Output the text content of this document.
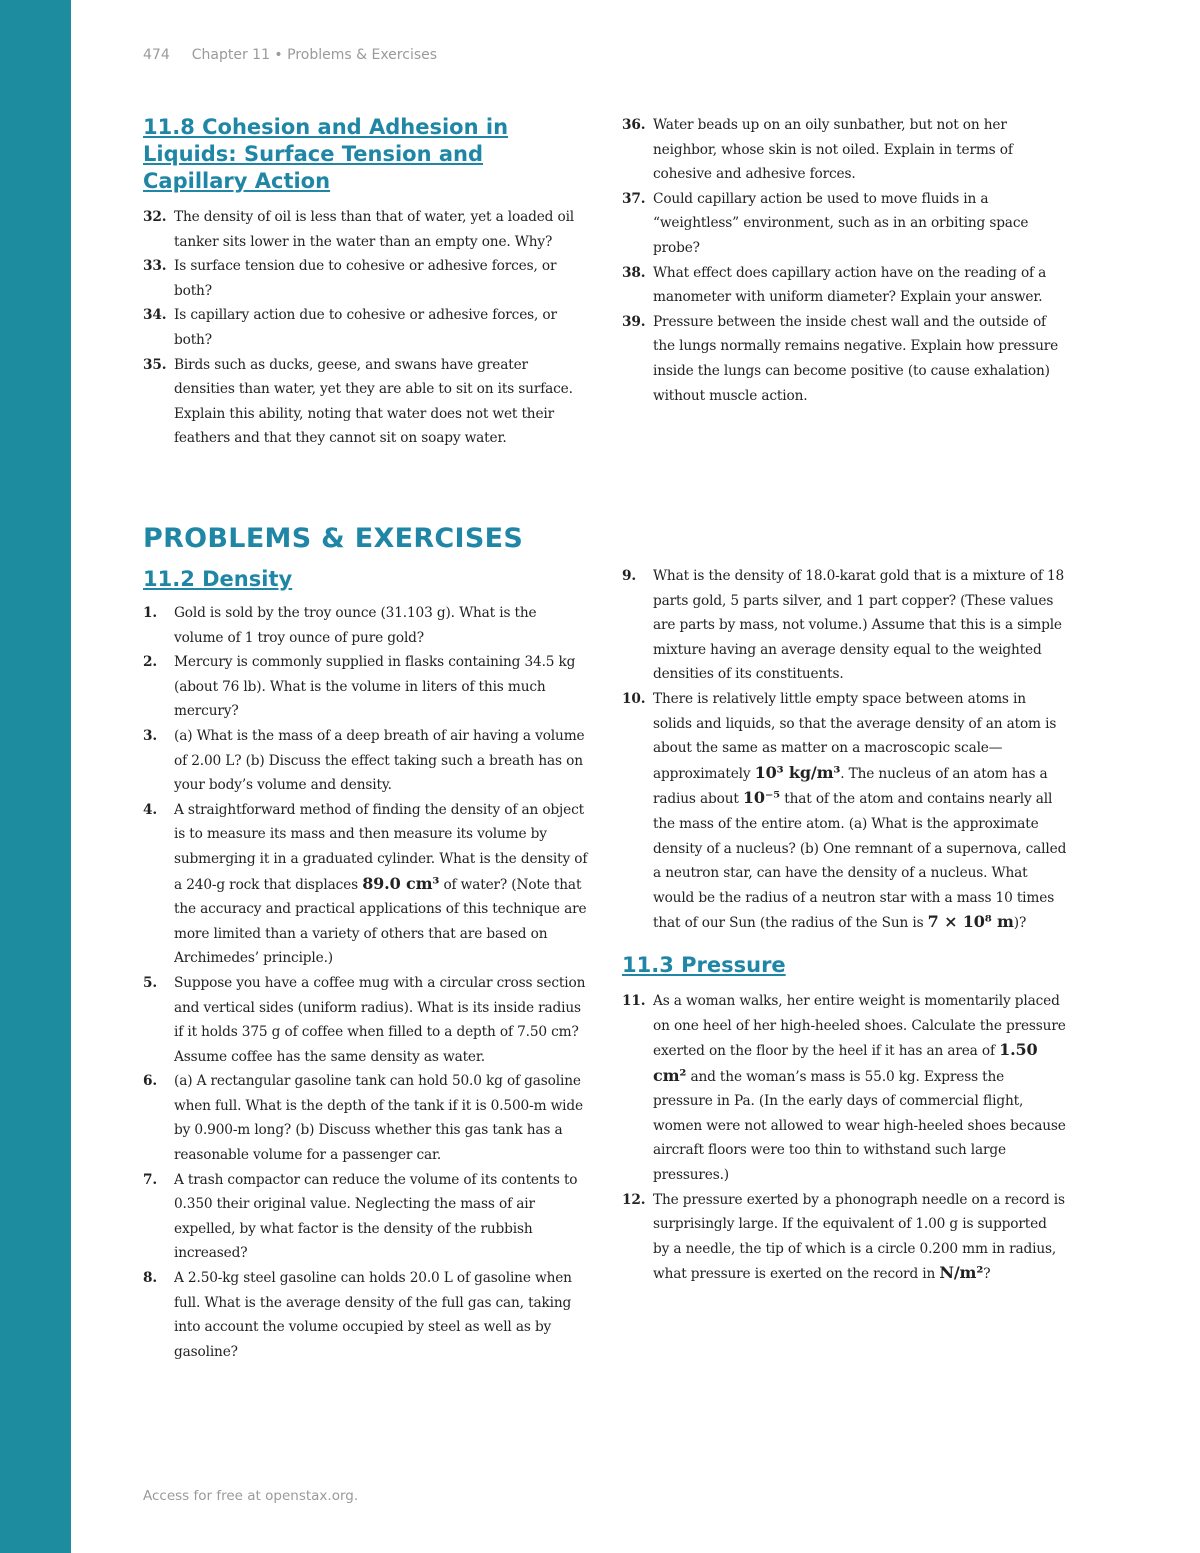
474 Chapter 11 • Problems & Exercises
11.8 Cohesion and Adhesion in Liquids: Surface Tension and Capillary Action
32. The density of oil is less than that of water, yet a loaded oil tanker sits lower in the water than an empty one. Why?
33. Is surface tension due to cohesive or adhesive forces, or both?
34. Is capillary action due to cohesive or adhesive forces, or both?
35. Birds such as ducks, geese, and swans have greater densities than water, yet they are able to sit on its surface. Explain this ability, noting that water does not wet their feathers and that they cannot sit on soapy water.
36. Water beads up on an oily sunbather, but not on her neighbor, whose skin is not oiled. Explain in terms of cohesive and adhesive forces.
37. Could capillary action be used to move fluids in a “weightless” environment, such as in an orbiting space probe?
38. What effect does capillary action have on the reading of a manometer with uniform diameter? Explain your answer.
39. Pressure between the inside chest wall and the outside of the lungs normally remains negative. Explain how pressure inside the lungs can become positive (to cause exhalation) without muscle action.
PROBLEMS & EXERCISES
11.2 Density
1. Gold is sold by the troy ounce (31.103 g). What is the volume of 1 troy ounce of pure gold?
2. Mercury is commonly supplied in flasks containing 34.5 kg (about 76 lb). What is the volume in liters of this much mercury?
3. (a) What is the mass of a deep breath of air having a volume of 2.00 L? (b) Discuss the effect taking such a breath has on your body’s volume and density.
4. A straightforward method of finding the density of an object is to measure its mass and then measure its volume by submerging it in a graduated cylinder. What is the density of a 240-g rock that displaces 89.0 cm³ of water? (Note that the accuracy and practical applications of this technique are more limited than a variety of others that are based on Archimedes’ principle.)
5. Suppose you have a coffee mug with a circular cross section and vertical sides (uniform radius). What is its inside radius if it holds 375 g of coffee when filled to a depth of 7.50 cm? Assume coffee has the same density as water.
6. (a) A rectangular gasoline tank can hold 50.0 kg of gasoline when full. What is the depth of the tank if it is 0.500-m wide by 0.900-m long? (b) Discuss whether this gas tank has a reasonable volume for a passenger car.
7. A trash compactor can reduce the volume of its contents to 0.350 their original value. Neglecting the mass of air expelled, by what factor is the density of the rubbish increased?
8. A 2.50-kg steel gasoline can holds 20.0 L of gasoline when full. What is the average density of the full gas can, taking into account the volume occupied by steel as well as by gasoline?
9. What is the density of 18.0-karat gold that is a mixture of 18 parts gold, 5 parts silver, and 1 part copper? (These values are parts by mass, not volume.) Assume that this is a simple mixture having an average density equal to the weighted densities of its constituents.
10. There is relatively little empty space between atoms in solids and liquids, so that the average density of an atom is about the same as matter on a macroscopic scale—approximately 10³ kg/m³. The nucleus of an atom has a radius about 10⁻⁵ that of the atom and contains nearly all the mass of the entire atom. (a) What is the approximate density of a nucleus? (b) One remnant of a supernova, called a neutron star, can have the density of a nucleus. What would be the radius of a neutron star with a mass 10 times that of our Sun (the radius of the Sun is 7 × 10⁸ m)?
11.3 Pressure
11. As a woman walks, her entire weight is momentarily placed on one heel of her high-heeled shoes. Calculate the pressure exerted on the floor by the heel if it has an area of 1.50 cm² and the woman’s mass is 55.0 kg. Express the pressure in Pa. (In the early days of commercial flight, women were not allowed to wear high-heeled shoes because aircraft floors were too thin to withstand such large pressures.)
12. The pressure exerted by a phonograph needle on a record is surprisingly large. If the equivalent of 1.00 g is supported by a needle, the tip of which is a circle 0.200 mm in radius, what pressure is exerted on the record in N/m²?
Access for free at openstax.org.
